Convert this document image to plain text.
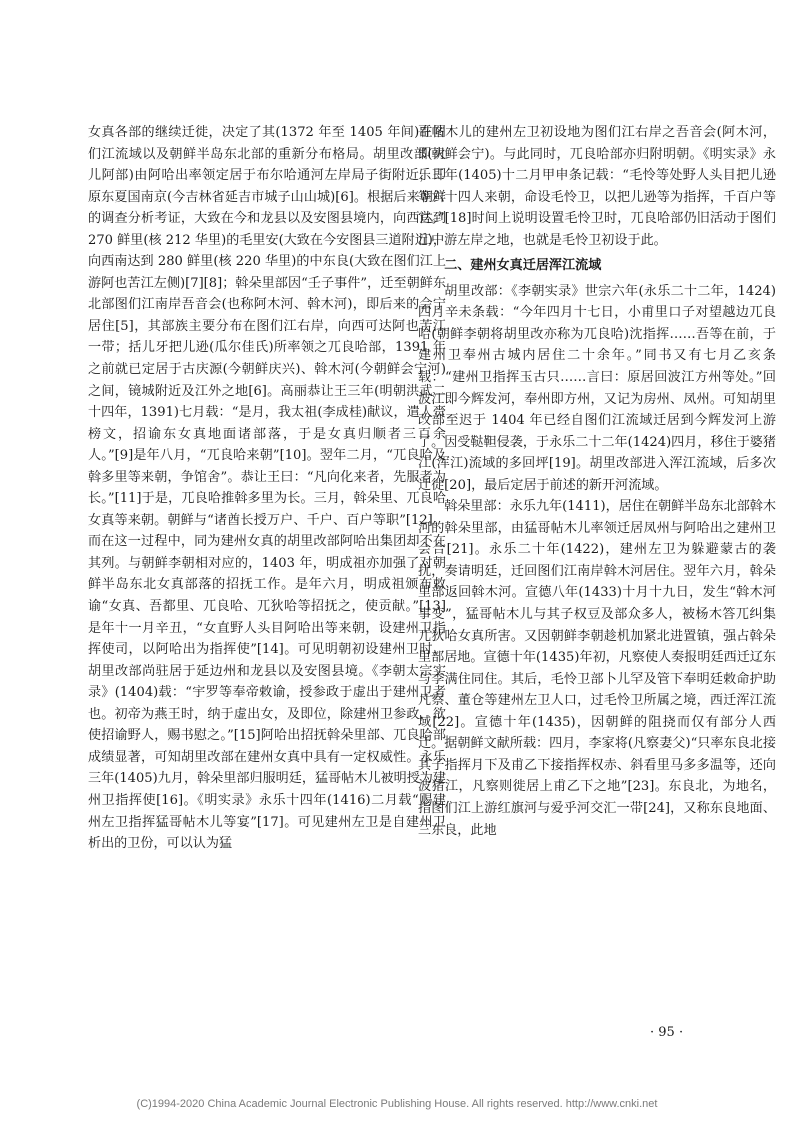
女真各部的继续迁徙，决定了其(1372 年至 1405 年间)在图们江流域以及朝鲜半岛东北部的重新分布格局。胡里改部(火儿阿部)由阿哈出率领定居于布尔哈通河左岸局子街附近，即原东夏国南京(今吉林省延吉市城子山山城)[6]。根据后来朝鲜的调查分析考证，大致在今和龙县以及安图县境内，向西达到 270 鲜里(核 212 华里)的毛里安(大致在今安图县三道附近)，向西南达到 280 鲜里(核 220 华里)的中东良(大致在图们江上游阿也苦江左侧)[7][8]；斡朵里部因“壬子事件”，迁至朝鲜东北部图们江南岸吾音会(也称阿木河、斡木河)，即后来的会宁居住[5]，其部族主要分布在图们江右岸，向西可达阿也苦江一带；括儿牙把儿逊(瓜尔佳氏)所率领之兀良哈部，1391 年之前就已定居于古庆源(今朝鲜庆兴)、斡木河(今朝鲜会宁河)之间，镜城附近及江外之地[6]。高丽恭让王三年(明朝洪武二十四年，1391)七月载：“是月，我太祖(李成桂)献议，遣人赍榜文，招谕东女真地面诸部落，于是女真归顺者三百余人。”[9]是年八月，“兀良哈来朝”[10]。翌年二月，“兀良哈及斡多里等来朝，争馆舍”。恭让王曰：“凡向化来者，先服者为长。”[11]于是，兀良哈推斡多里为长。三月，斡朵里、兀良哈女真等来朝。朝鲜与“诸酋长授万户、千户、百户等职”[12]。而在这一过程中，同为建州女真的胡里改部阿哈出集团却不在其列。与朝鲜李朝相对应的，1403 年，明成祖亦加强了对朝鲜半岛东北女真部落的招抚工作。是年六月，明成祖颁布敕谕“女真、吾都里、兀良哈、兀狄哈等招抚之，使贡献。”[13]是年十一月辛丑，“女直野人头目阿哈出等来朝，设建州卫指挥使司，以阿哈出为指挥使”[14]。可见明朝初设建州卫时，胡里改部尚驻居于延边州和龙县以及安图县境。《李朝太宗实录》(1404)载：“宇罗等奉帝敕谕，授参政于虚出于建州卫者也。初帝为燕王时，纳于虚出女，及即位，除建州卫参政，欲使招谕野人，赐书慰之。”[15]阿哈出招抚斡朵里部、兀良哈部成绩显著，可知胡里改部在建州女真中具有一定权威性。永乐三年(1405)九月，斡朵里部归服明廷，猛哥帖木儿被明授为建州卫指挥使[16]。《明实录》永乐十四年(1416)二月载“赐建州左卫指挥猛哥帖木儿等宴”[17]。可见建州左卫是自建州卫析出的卫份，可以认为猛

哥帖木儿的建州左卫初设地为图们江右岸之吾音会(阿木河，即朝鲜会宁)。与此同时，兀良哈部亦归附明朝。《明实录》永乐三年(1405)十二月甲申条记载：“毛怜等处野人头目把儿逊等六十四人来朝，命设毛怜卫，以把儿逊等为指挥，千百户等官。”[18]时间上说明设置毛怜卫时，兀良哈部仍旧活动于图们江中游左岸之地，也就是毛怜卫初设于此。

二、建州女真迁居浑江流域

胡里改部：《李朝实录》世宗六年(永乐二十二年，1424)四月辛未条载：“今年四月十七日，小甫里口子对望越边兀良哈(朝鲜李朝将胡里改亦称为兀良哈)沈指挥……吾等在前，于建州卫奉州古城内居住二十余年。”同书又有七月乙亥条载：“建州卫指挥玉古只……言曰：原居回波江方州等处。”回波江即今辉发河，奉州即方州，又记为房州、凤州。可知胡里改部至迟于 1404 年已经自图们江流域迁居到今辉发河上游了。因受鞑靼侵袭，于永乐二十二年(1424)四月，移住于婆猪江(浑江)流域的多回坪[19]。胡里改部进入浑江流域，后多次迁徙[20]，最后定居于前述的新开河流域。

斡朵里部：永乐九年(1411)，居住在朝鲜半岛东北部斡木河的斡朵里部，由猛哥帖木儿率领迁居凤州与阿哈出之建州卫会合[21]。永乐二十年(1422)，建州左卫为躲避蒙古的袭扰，奏请明廷，迁回图们江南岸斡木河居住。翌年六月，斡朵里部返回斡木河。宣德八年(1433)十月十九日，发生“斡木河事变”，猛哥帖木儿与其子权豆及部众多人，被杨木答兀纠集兀狄哈女真所害。又因朝鲜李朝趁机加紧北进置镇，强占斡朵里部居地。宣德十年(1435)年初，凡察使人奏报明廷西迁辽东与李满住同住。其后，毛怜卫部卜儿罕及管下奉明廷敕命护助凡察、董仓等建州左卫人口，过毛怜卫所属之境，西迁浑江流域[22]。宣德十年(1435)，因朝鲜的阻挠而仅有部分人西迁。据朝鲜文献所载：四月，李家将(凡察妻父)“只率东良北接其子指挥月下及甫乙下接指挥权赤、斜看里马多多温等，还向波猪江，凡察则徙居上甫乙下之地”[23]。东良北，为地名，指图们江上游红旗河与爱乎河交汇一带[24]，又称东良地面、三东良，此地

· 95 ·
(C)1994-2020 China Academic Journal Electronic Publishing House. All rights reserved. http://www.cnki.net
